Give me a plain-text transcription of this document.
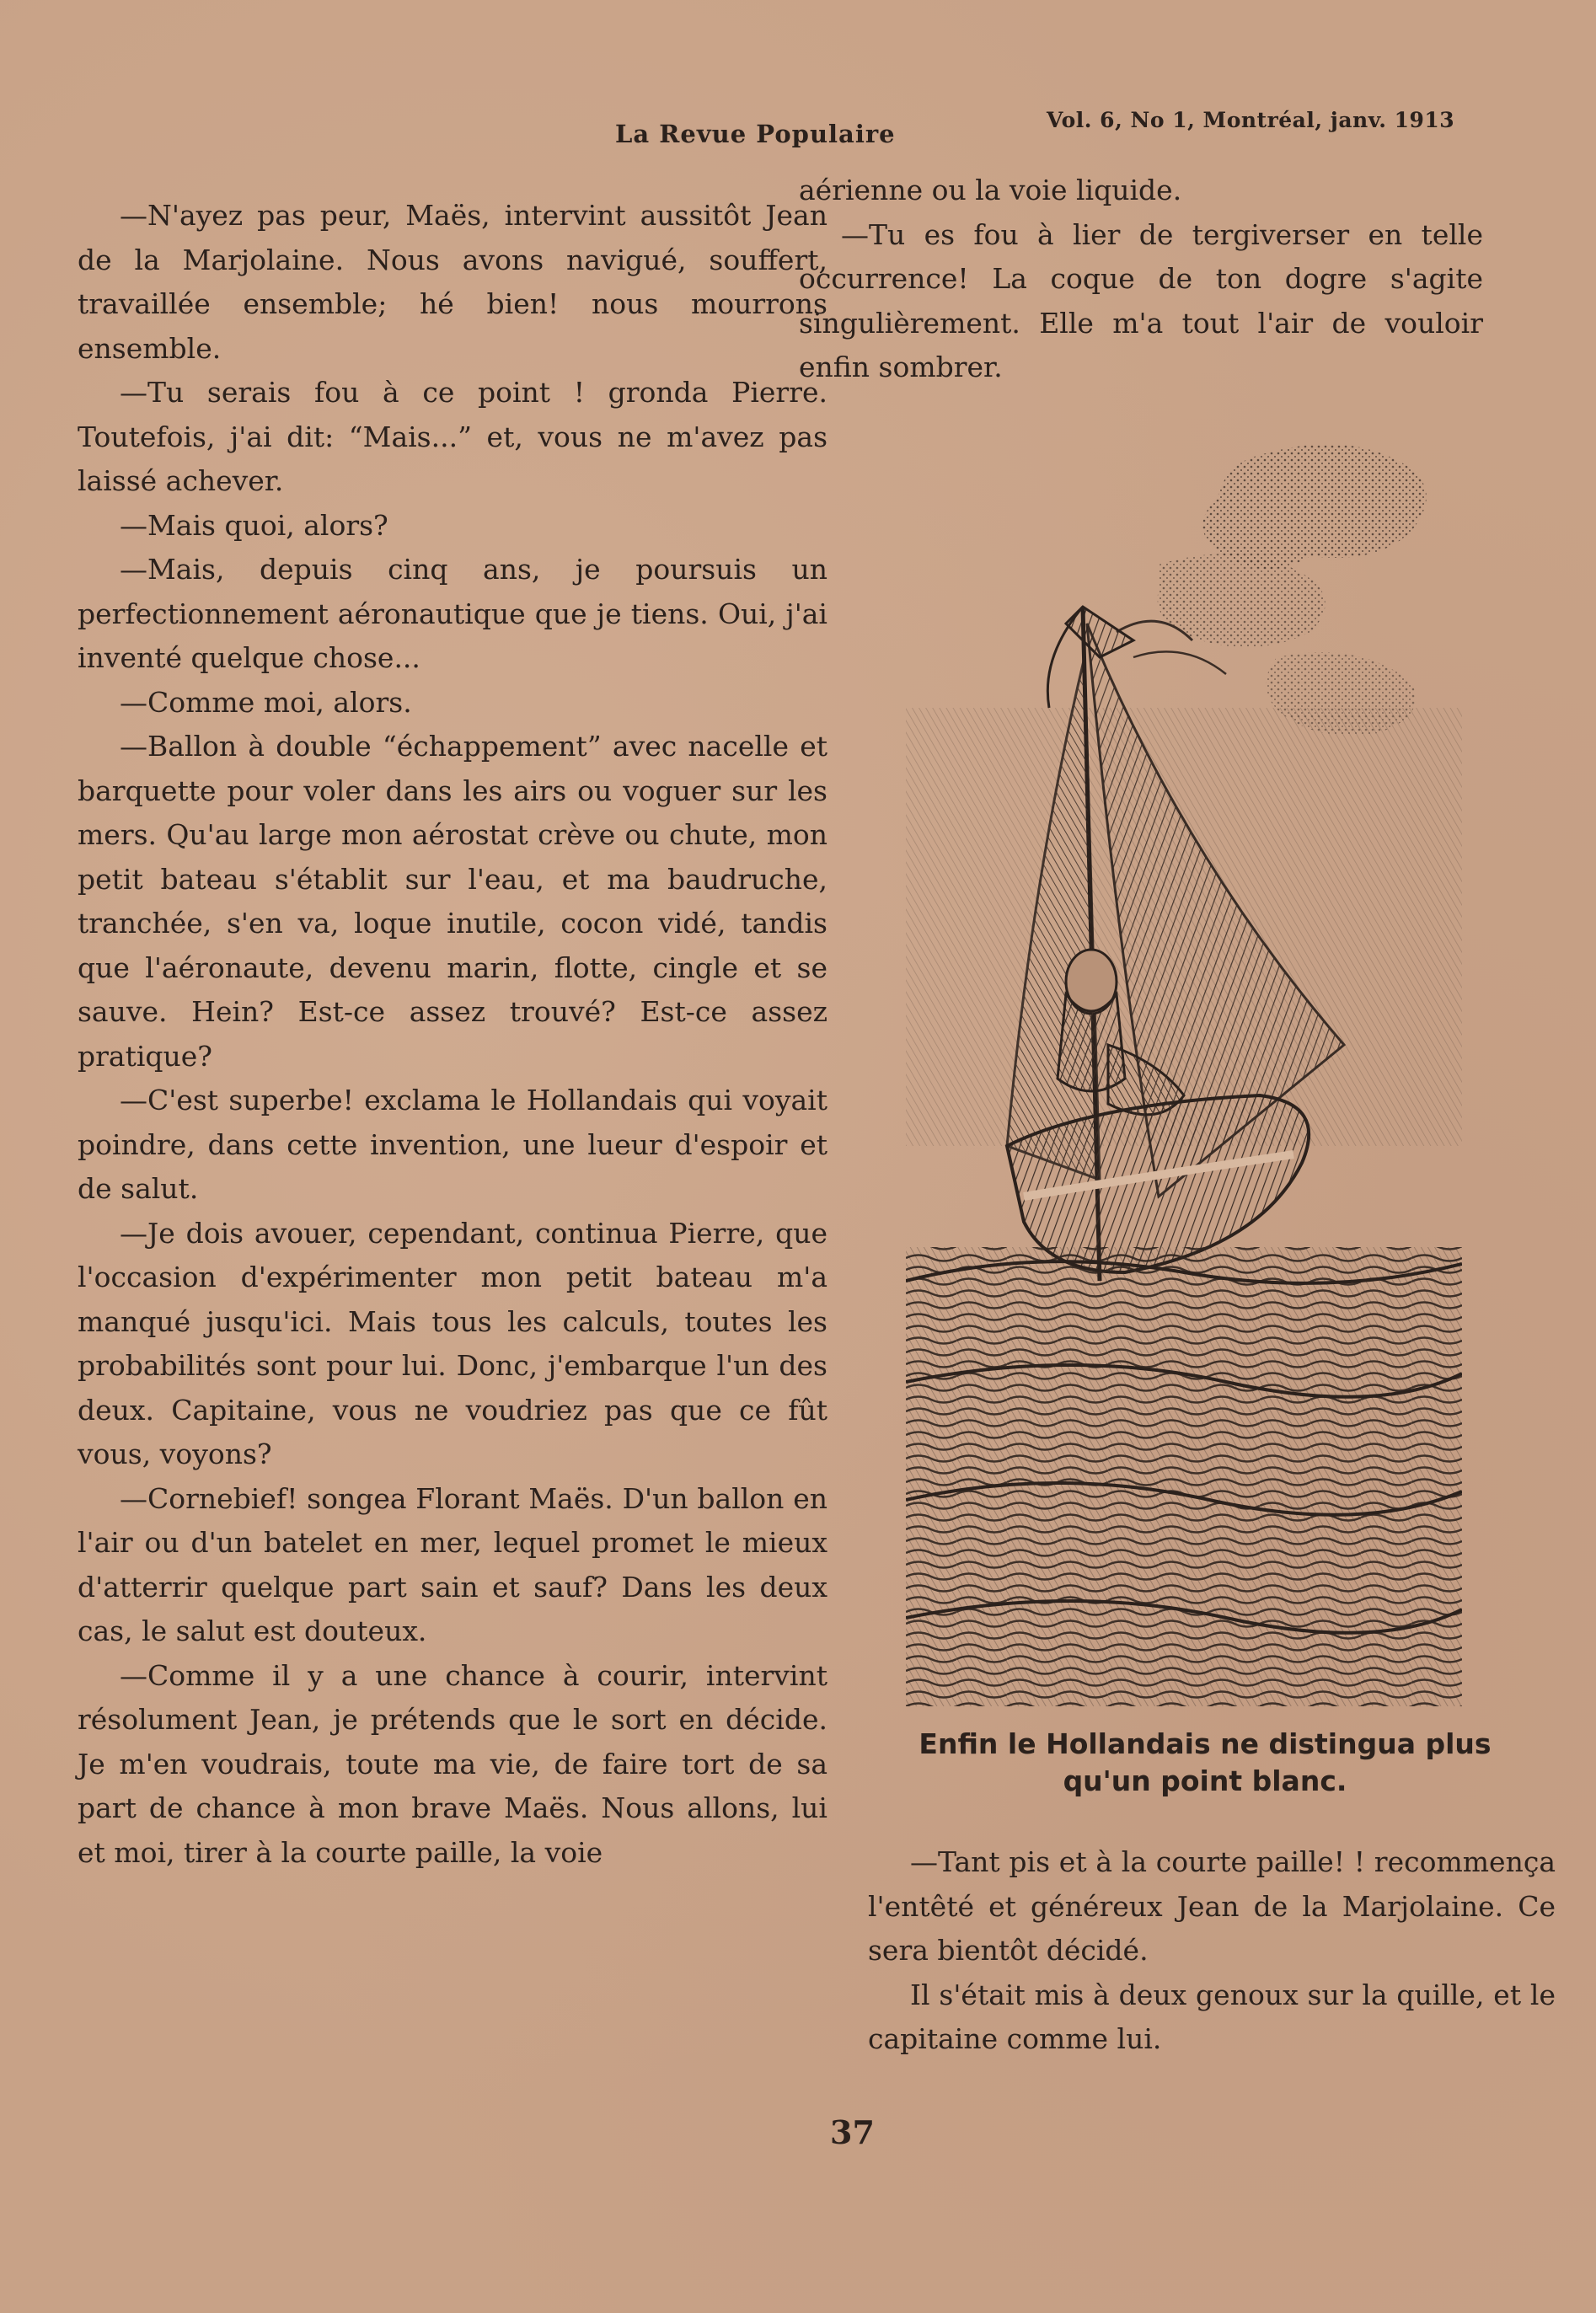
La Revue Populaire	Vol. 6, No 1, Montréal, janv. 1913

—N'ayez pas peur, Maës, intervint aussitôt Jean de la Marjolaine. Nous avons navigué, souffert, travaillée ensemble; hé bien! nous mourrons ensemble.

—Tu serais fou à ce point ! gronda Pierre. Toutefois, j'ai dit: “Mais...” et, vous ne m'avez pas laissé achever.

—Mais quoi, alors?

—Mais, depuis cinq ans, je poursuis un perfectionnement aéronautique que je tiens. Oui, j'ai inventé quelque chose...

—Comme moi, alors.

—Ballon à double “échappement” avec nacelle et barquette pour voler dans les airs ou voguer sur les mers. Qu'au large mon aérostat crève ou chute, mon petit bateau s'établit sur l'eau, et ma baudruche, tranchée, s'en va, loque inutile, cocon vidé, tandis que l'aéronaute, devenu marin, flotte, cingle et se sauve. Hein? Est-ce assez trouvé? Est-ce assez pratique?

—C'est superbe! exclama le Hollandais qui voyait poindre, dans cette invention, une lueur d'espoir et de salut.

—Je dois avouer, cependant, continua Pierre, que l'occasion d'expérimenter mon petit bateau m'a manqué jusqu'ici. Mais tous les calculs, toutes les probabilités sont pour lui. Donc, j'embarque l'un des deux. Capitaine, vous ne voudriez pas que ce fût vous, voyons?

—Cornebief! songea Florant Maës. D'un ballon en l'air ou d'un batelet en mer, lequel promet le mieux d'atterrir quelque part sain et sauf? Dans les deux cas, le salut est douteux.

—Comme il y a une chance à courir, intervint résolument Jean, je prétends que le sort en décide. Je m'en voudrais, toute ma vie, de faire tort de sa part de chance à mon brave Maës. Nous allons, lui et moi, tirer à la courte paille, la voie

aérienne ou la voie liquide.

—Tu es fou à lier de tergiverser en telle occurrence! La coque de ton dogre s'agite singulièrement. Elle m'a tout l'air de vouloir enfin sombrer.

Enfin le Hollandais ne distingua plus
qu'un point blanc.

—Tant pis et à la courte paille! ! recommença l'entêté et généreux Jean de la Marjolaine. Ce sera bientôt décidé.

Il s'était mis à deux genoux sur la quille, et le capitaine comme lui.

37
